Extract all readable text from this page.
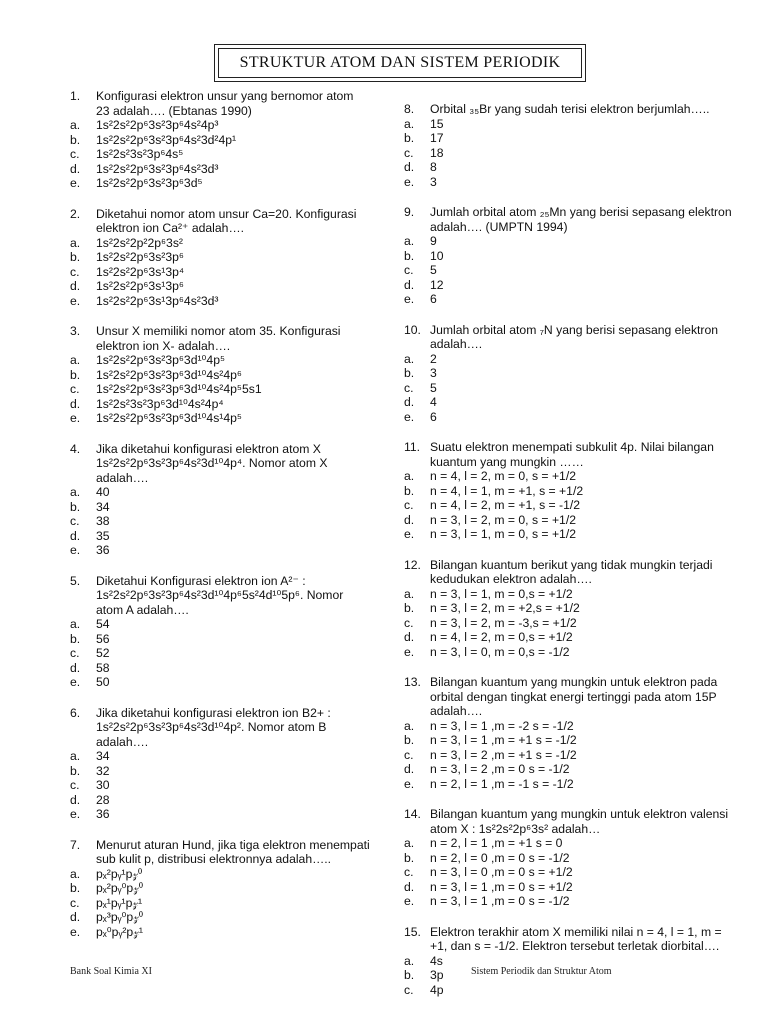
STRUKTUR ATOM DAN SISTEM PERIODIK
1. Konfigurasi elektron unsur yang bernomor atom 23 adalah…. (Ebtanas 1990)
a. 1s²2s²2p⁶3s²3p⁶4s²4p³
b. 1s²2s²2p⁶3s²3p⁶4s²3d²4p¹
c. 1s²2s²3s²3p⁶4s⁵
d. 1s²2s²2p⁶3s²3p⁶4s²3d³
e. 1s²2s²2p⁶3s²3p⁶3d⁵
2. Diketahui nomor atom unsur Ca=20. Konfigurasi elektron ion Ca²⁺ adalah….
a. 1s²2s²2p²2p⁶3s²
b. 1s²2s²2p⁶3s²3p⁶
c. 1s²2s²2p⁶3s¹3p⁴
d. 1s²2s²2p⁶3s¹3p⁶
e. 1s²2s²2p⁶3s¹3p⁶4s²3d³
3. Unsur X memiliki nomor atom 35. Konfigurasi elektron ion X- adalah….
a. 1s²2s²2p⁶3s²3p⁶3d¹⁰4p⁵
b. 1s²2s²2p⁶3s²3p⁶3d¹⁰4s²4p⁶
c. 1s²2s²2p⁶3s²3p⁶3d¹⁰4s²4p⁵5s1
d. 1s²2s²3s²3p⁶3d¹⁰4s²4p⁴
e. 1s²2s²2p⁶3s²3p⁶3d¹⁰4s¹4p⁵
4. Jika diketahui konfigurasi elektron atom X 1s²2s²2p⁶3s²3p⁶4s²3d¹⁰4p⁴. Nomor atom X adalah….
a. 40
b. 34
c. 38
d. 35
e. 36
5. Diketahui Konfigurasi elektron ion A²⁻ : 1s²2s²2p⁶3s²3p⁶4s²3d¹⁰4p⁶5s²4d¹⁰5p⁶. Nomor atom A adalah….
a. 54
b. 56
c. 52
d. 58
e. 50
6. Jika diketahui konfigurasi elektron ion B2+ : 1s²2s²2p⁶3s²3p⁶4s²3d¹⁰4p². Nomor atom B adalah….
a. 34
b. 32
c. 30
d. 28
e. 36
7. Menurut aturan Hund, jika tiga elektron menempati sub kulit p, distribusi elektronnya adalah…..
a. pₓ²pᵧ¹p𝓏⁰
b. pₓ²pᵧ⁰p𝓏⁰
c. pₓ¹pᵧ¹p𝓏¹
d. pₓ³pᵧ⁰p𝓏⁰
e. pₓ⁰pᵧ²p𝓏¹
8. Orbital ₃₅Br yang sudah terisi elektron berjumlah…..
a. 15
b. 17
c. 18
d. 8
e. 3
9. Jumlah orbital atom ₂₅Mn yang berisi sepasang elektron adalah…. (UMPTN 1994)
a. 9
b. 10
c. 5
d. 12
e. 6
10. Jumlah orbital atom ₇N yang berisi sepasang elektron adalah….
a. 2
b. 3
c. 5
d. 4
e. 6
11. Suatu elektron menempati subkulit 4p. Nilai bilangan kuantum yang mungkin ……
a. n = 4, l = 2, m = 0, s = +1/2
b. n = 4, l = 1, m = +1, s = +1/2
c. n = 4, l = 2, m = +1, s = -1/2
d. n = 3, l = 2, m = 0, s = +1/2
e. n = 3, l = 1, m = 0, s = +1/2
12. Bilangan kuantum berikut yang tidak mungkin terjadi kedudukan elektron adalah….
a. n = 3, l = 1, m = 0,s = +1/2
b. n = 3, l = 2, m = +2,s = +1/2
c. n = 3, l = 2, m = -3,s = +1/2
d. n = 4, l = 2, m = 0,s = +1/2
e. n = 3, l = 0, m = 0,s = -1/2
13. Bilangan kuantum yang mungkin untuk elektron pada orbital dengan tingkat energi tertinggi pada atom 15P adalah….
a. n = 3, l = 1 ,m = -2 s = -1/2
b. n = 3, l = 1 ,m = +1 s = -1/2
c. n = 3, l = 2 ,m = +1 s = -1/2
d. n = 3, l = 2 ,m = 0 s = -1/2
e. n = 2, l = 1 ,m = -1 s = -1/2
14. Bilangan kuantum yang mungkin untuk elektron valensi atom X : 1s²2s²2p⁶3s² adalah…
a. n = 2, l = 1 ,m = +1 s = 0
b. n = 2, l = 0 ,m = 0 s = -1/2
c. n = 3, l = 0 ,m = 0 s = +1/2
d. n = 3, l = 1 ,m = 0 s = +1/2
e. n = 3, l = 1 ,m = 0 s = -1/2
15. Elektron terakhir atom X memiliki nilai n = 4, l = 1, m = +1, dan s = -1/2. Elektron tersebut terletak diorbital….
a. 4s
b. 3p
c. 4p
Bank Soal Kimia XI	Sistem Periodik dan Struktur Atom
